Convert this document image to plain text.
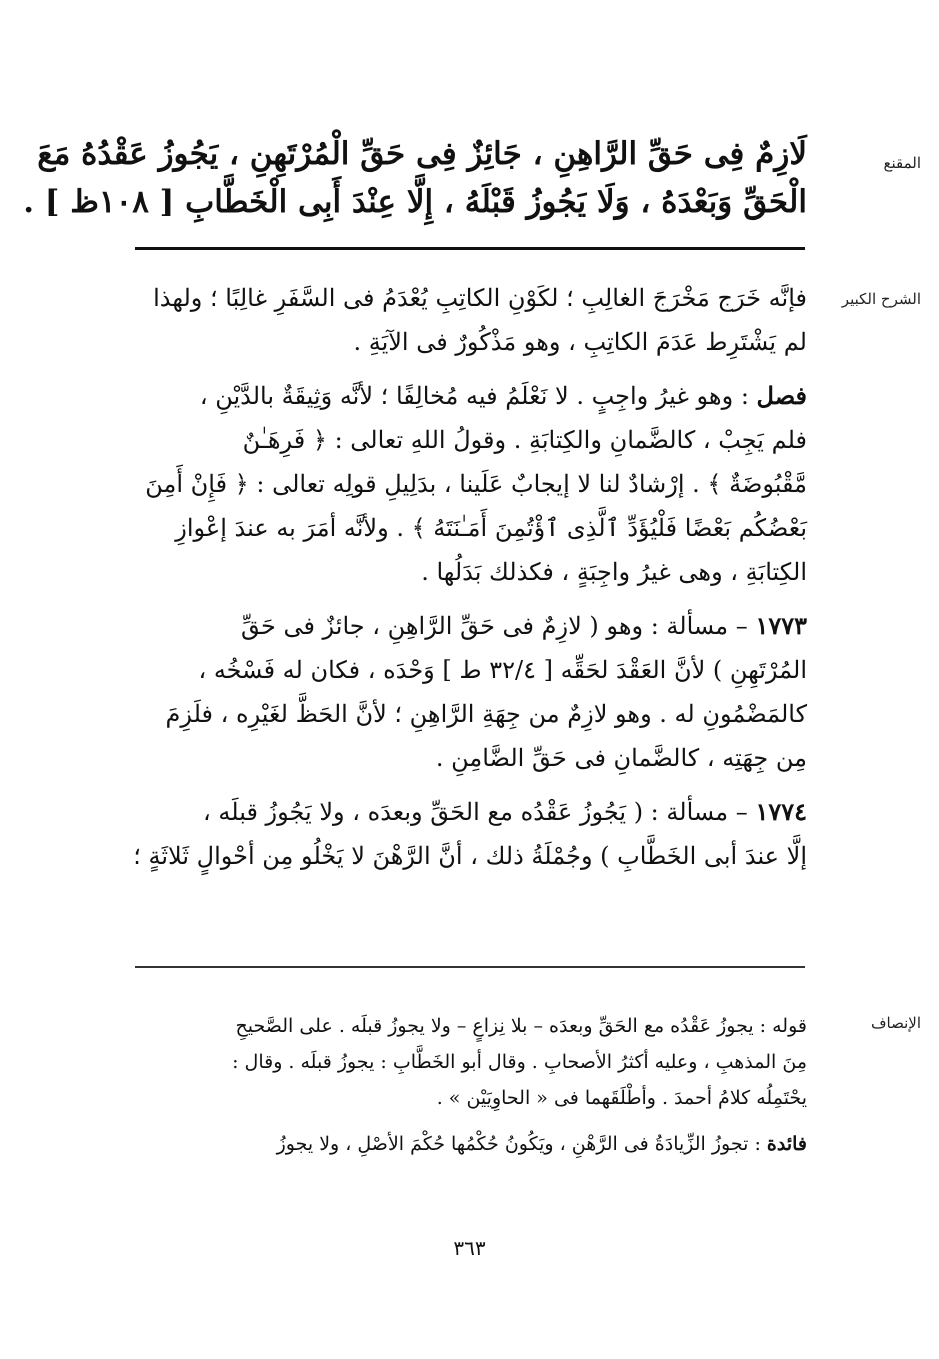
المقنع
لَازِمٌ فِى حَقِّ الرَّاهِنِ ، جَائِزٌ فِى حَقِّ الْمُرْتَهِنِ ، يَجُوزُ عَقْدُهُ مَعَ
الْحَقِّ وَبَعْدَهُ ، وَلَا يَجُوزُ قَبْلَهُ ، إِلَّا عِنْدَ أَبِى الْخَطَّابِ [ ١٠٨ظ ] .
الشرح الكبير
فإنَّه خَرَج مَخْرَجَ الغالِبِ ؛ لكَوْنِ الكاتِبِ يُعْدَمُ فى السَّفَرِ غالِبًا ؛ ولهذا
لم يَشْتَرِط عَدَمَ الكاتِبِ ، وهو مَذْكُورٌ فى الآيَةِ .
فصل : وهو غيرُ واجِبٍ . لا نَعْلَمُ فيه مُخالِفًا ؛ لأنَّه وَثِيقَةٌ بالدَّيْنِ ،
فلم يَجِبْ ، كالضَّمانِ والكِتابَةِ . وقولُ اللهِ تعالى : ﴿ فَرِهَـٰنٌ
مَّقْبُوضَةٌ ﴾ . إرْشادٌ لنا لا إيجابٌ عَلَينا ، بدَلِيلِ قولِه تعالى : ﴿ فَإِنْ أَمِنَ
بَعْضُكُم بَعْضًا فَلْيُؤَدِّ ٱلَّذِى ٱؤْتُمِنَ أَمَـٰنَتَهُ ﴾ . ولأنَّه أمَرَ به عندَ إعْوازِ
الكِتابَةِ ، وهى غيرُ واجِبَةٍ ، فكذلك بَدَلُها .
١٧٧٣ – مسألة : وهو ( لازِمٌ فى حَقِّ الرَّاهِنِ ، جائزٌ فى حَقِّ
المُرْتَهِنِ ) لأنَّ العَقْدَ لحَقِّه [ ٣٢/٤ ط ] وَحْدَه ، فكان له فَسْخُه ،
كالمَضْمُونِ له . وهو لازِمٌ من جِهَةِ الرَّاهِنِ ؛ لأنَّ الحَظَّ لغَيْرِه ، فلَزِمَ
مِن جِهَتِه ، كالضَّمانِ فى حَقِّ الضَّامِنِ .
١٧٧٤ – مسألة : ( يَجُوزُ عَقْدُه مع الحَقِّ وبعدَه ، ولا يَجُوزُ قبلَه ،
إلَّا عندَ أبى الخَطَّابِ ) وجُمْلَةُ ذلك ، أنَّ الرَّهْنَ لا يَخْلُو مِن أحْوالٍ ثَلاثَةٍ ؛
الإنصاف
قوله : يجوزُ عَقْدُه مع الحَقِّ وبعدَه – بلا نِزاعٍ – ولا يجوزُ قبلَه . على الصَّحيحِ
مِنَ المذهبِ ، وعليه أكثرُ الأصحابِ . وقال أبو الخَطَّابِ : يجوزُ قبلَه . وقال :
يحْتَمِلُه كلامُ أحمدَ . وأطْلَقَهما فى « الحاوِيَيْن » .
فائدة : تجوزُ الزِّيادَةُ فى الرَّهْنِ ، ويَكُونُ حُكْمُها حُكْمَ الأصْلِ ، ولا يجوزُ
٣٦٣
